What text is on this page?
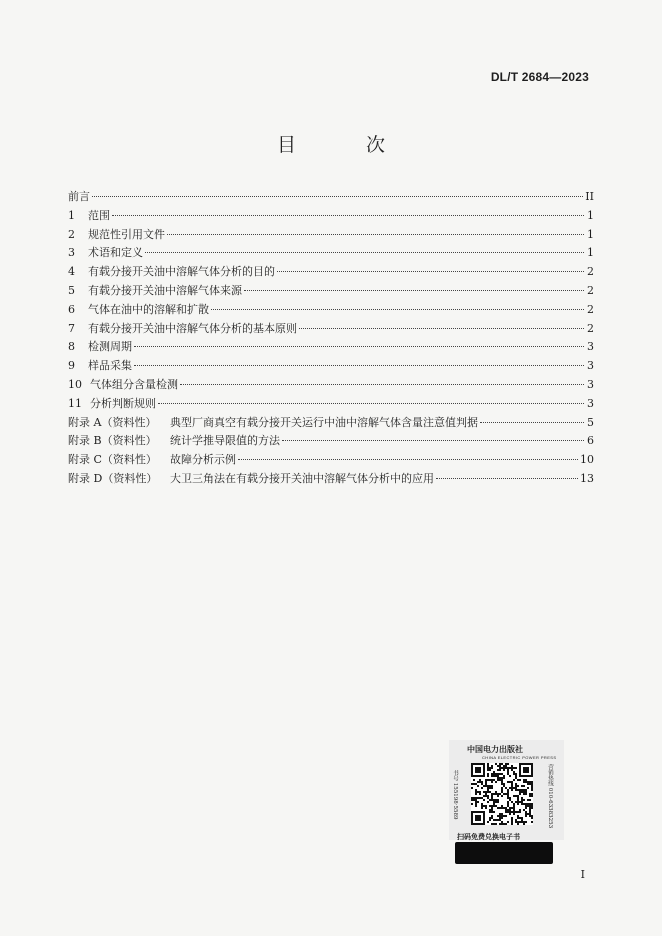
DL/T 2684—2023
目 次
前言	II
1	范围	1
2	规范性引用文件	1
3	术语和定义	1
4	有载分接开关油中溶解气体分析的目的	2
5	有载分接开关油中溶解气体来源	2
6	气体在油中的溶解和扩散	2
7	有载分接开关油中溶解气体分析的基本原则	2
8	检测周期	3
9	样品采集	3
10 气体组分含量检测	3
11 分析判断规则	3
附录 A（资料性）	典型厂商真空有载分接开关运行中油中溶解气体含量注意值判据	5
附录 B（资料性）	统计学推导限值的方法	6
附录 C（资料性）	故障分析示例	10
附录 D（资料性）	大卫三角法在有载分接开关油中溶解气体分析中的应用	13
中国电力出版社
CHINA ELECTRIC POWER PRESS
书号 155198·5589	营销热线 010-63383253
扫码免费兑换电子书
I
